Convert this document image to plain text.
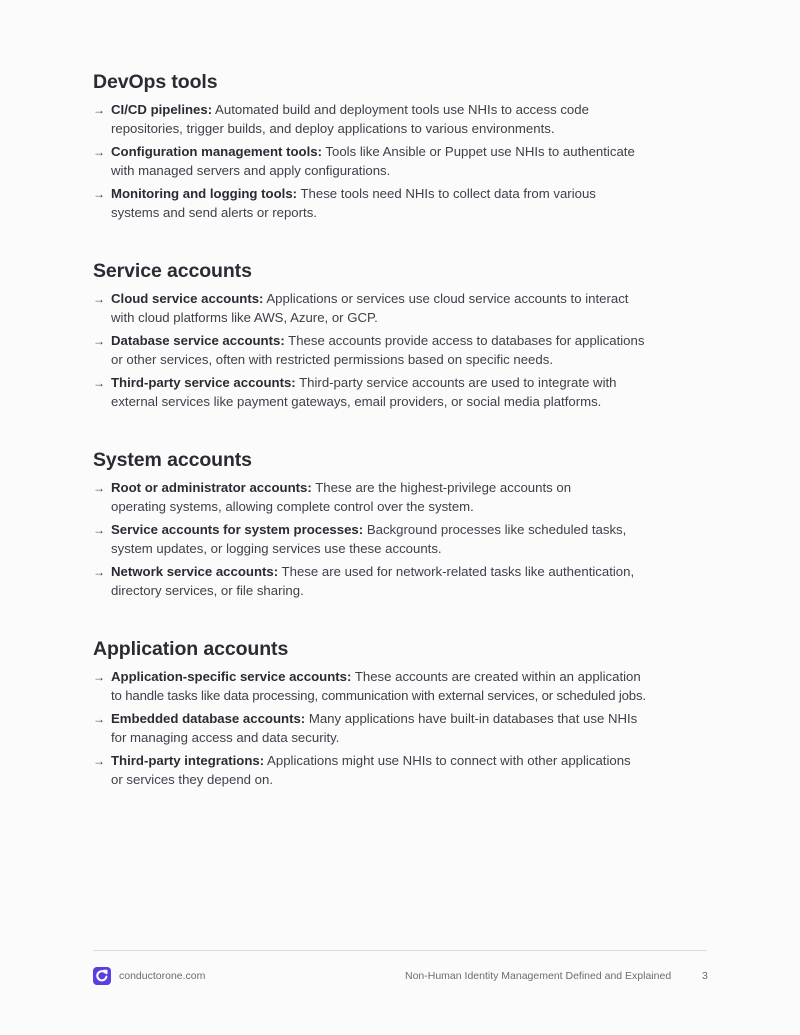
DevOps tools
→ CI/CD pipelines: Automated build and deployment tools use NHIs to access code
repositories, trigger builds, and deploy applications to various environments.
→ Configuration management tools: Tools like Ansible or Puppet use NHIs to authenticate
with managed servers and apply configurations.
→ Monitoring and logging tools: These tools need NHIs to collect data from various
systems and send alerts or reports.
Service accounts
→ Cloud service accounts: Applications or services use cloud service accounts to interact
with cloud platforms like AWS, Azure, or GCP.
→ Database service accounts: These accounts provide access to databases for applications
or other services, often with restricted permissions based on specific needs.
→ Third-party service accounts: Third-party service accounts are used to integrate with
external services like payment gateways, email providers, or social media platforms.
System accounts
→ Root or administrator accounts: These are the highest-privilege accounts on
operating systems, allowing complete control over the system.
→ Service accounts for system processes: Background processes like scheduled tasks,
system updates, or logging services use these accounts.
→ Network service accounts: These are used for network-related tasks like authentication,
directory services, or file sharing.
Application accounts
→ Application-specific service accounts: These accounts are created within an application
to handle tasks like data processing, communication with external services, or scheduled jobs.
→ Embedded database accounts: Many applications have built-in databases that use NHIs
for managing access and data security.
→ Third-party integrations: Applications might use NHIs to connect with other applications
or services they depend on.
conductorone.com	Non-Human Identity Management Defined and Explained	3
